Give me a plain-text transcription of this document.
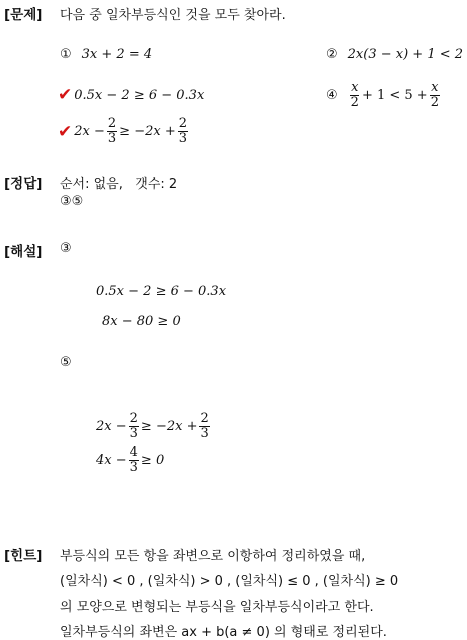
[문제] 다음 중 일차부등식인 것을 모두 찾아라.
① 3x + 2 = 4	② 2x(3 − x) + 1 < 2
✔ 0.5x − 2 ≥ 6 − 0.3x	④ $\frac{x}{2} + 1 < 5 + \frac{x}{2}$
✔ $2x - \frac{2}{3} \ge -2x + \frac{2}{3}$
[정답] 순서: 없음,   갯수: 2
③⑤
[해설] ③
0.5x − 2 ≥ 6 − 0.3x
8x − 80 ≥ 0
⑤
$2x - \frac{2}{3} \ge -2x + \frac{2}{3}$
$4x - \frac{4}{3} \ge 0$
[힌트] 부등식의 모든 항을 좌변으로 이항하여 정리하였을 때,
(일차식) < 0 , (일차식) > 0 , (일차식) ≤ 0 , (일차식) ≥ 0
의 모양으로 변형되는 부등식을 일차부등식이라고 한다.
일차부등식의 좌변은 ax + b(a ≠ 0) 의 형태로 정리된다.
